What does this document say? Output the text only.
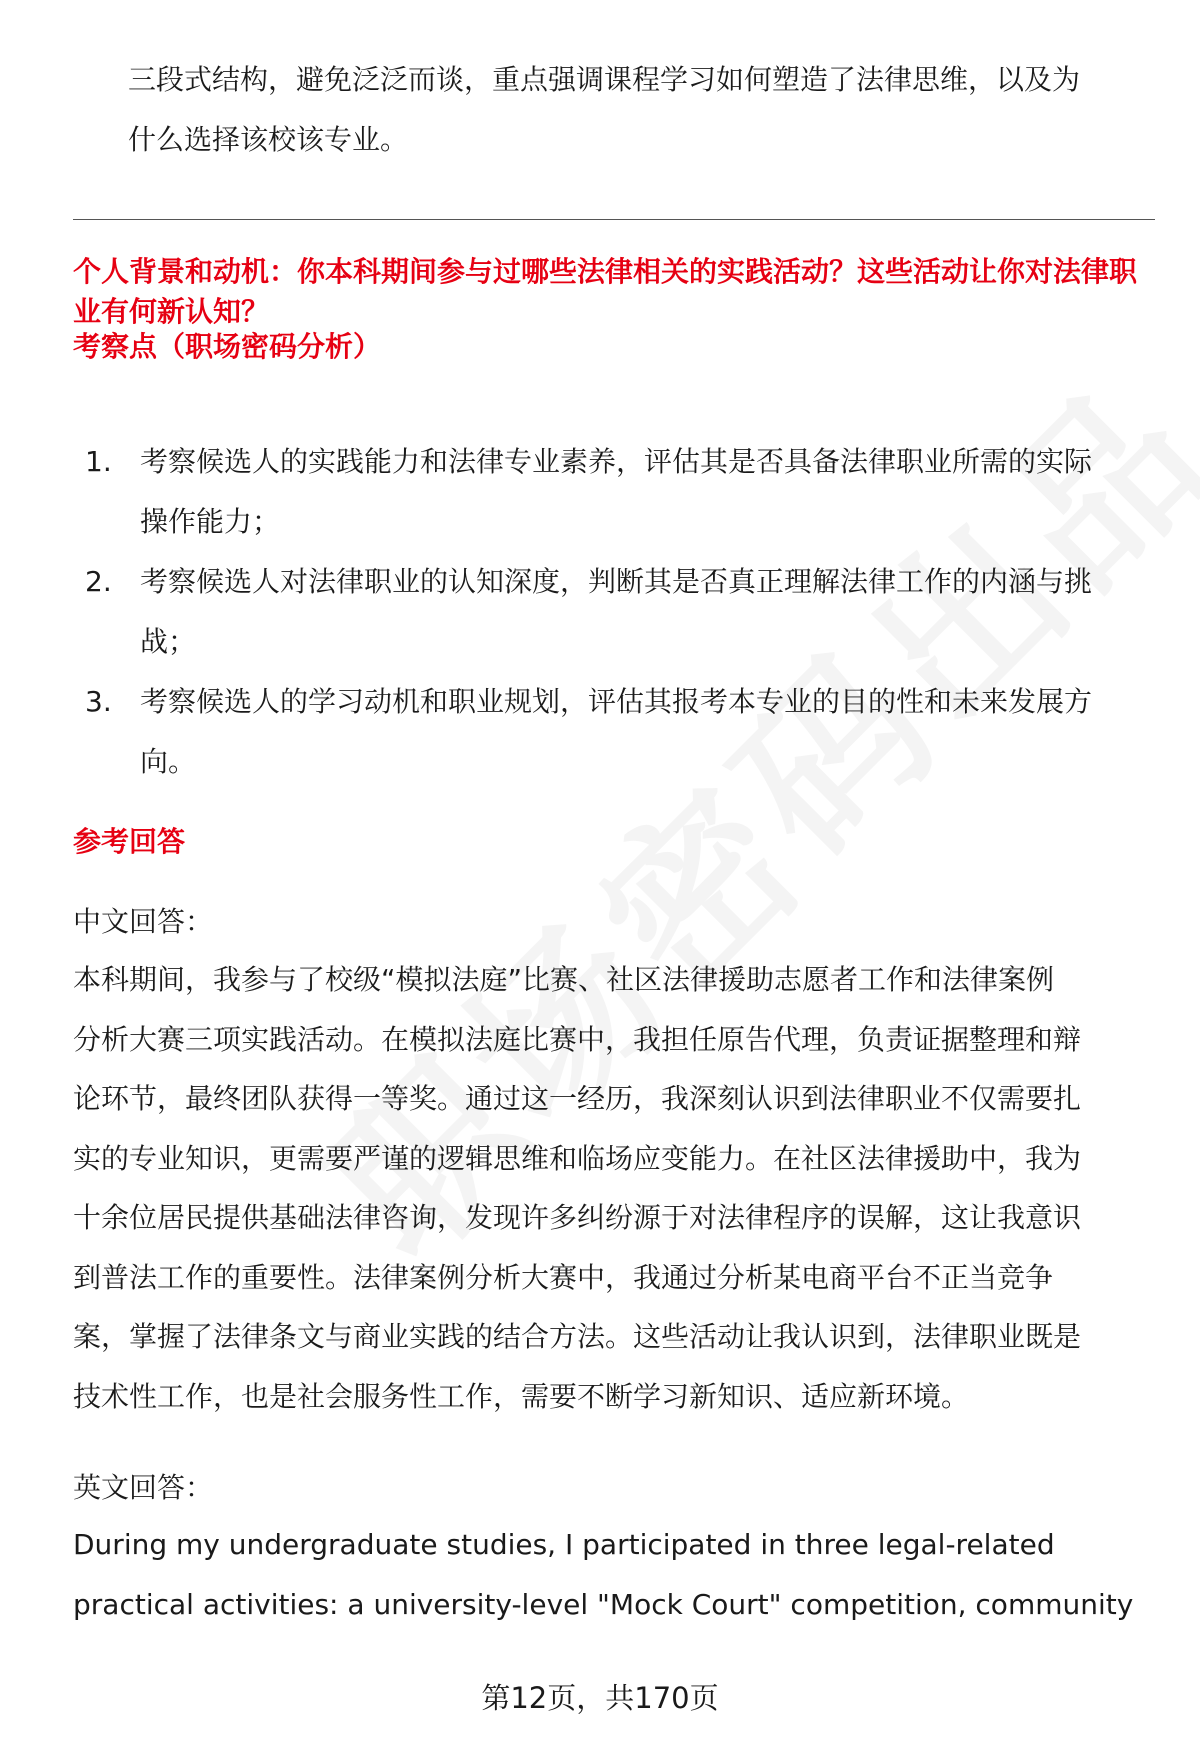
三段式结构，避免泛泛而谈，重点强调课程学习如何塑造了法律思维，以及为

什么选择该校该专业。

个人背景和动机：你本科期间参与过哪些法律相关的实践活动？这些活动让你对法律职业有何新认知？

考察点（职场密码分析）

1.	考察候选人的实践能力和法律专业素养，评估其是否具备法律职业所需的实际
操作能力；
2.	考察候选人对法律职业的认知深度，判断其是否真正理解法律工作的内涵与挑
战；
3.	考察候选人的学习动机和职业规划，评估其报考本专业的目的性和未来发展方
向。

参考回答

中文回答：

本科期间，我参与了校级“模拟法庭”比赛、社区法律援助志愿者工作和法律案例
分析大赛三项实践活动。在模拟法庭比赛中，我担任原告代理，负责证据整理和辩
论环节，最终团队获得一等奖。通过这一经历，我深刻认识到法律职业不仅需要扎
实的专业知识，更需要严谨的逻辑思维和临场应变能力。在社区法律援助中，我为
十余位居民提供基础法律咨询，发现许多纠纷源于对法律程序的误解，这让我意识
到普法工作的重要性。法律案例分析大赛中，我通过分析某电商平台不正当竞争
案，掌握了法律条文与商业实践的结合方法。这些活动让我认识到，法律职业既是
技术性工作，也是社会服务性工作，需要不断学习新知识、适应新环境。

英文回答：

During my undergraduate studies, I participated in three legal-related
practical activities: a university-level "Mock Court" competition, community

第12页，共170页
